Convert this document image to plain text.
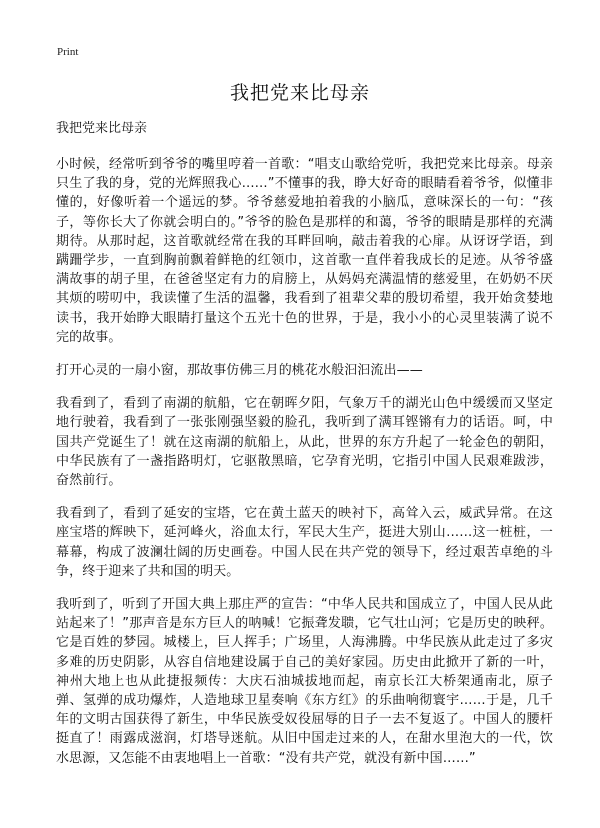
Print
我把党来比母亲

我把党来比母亲

小时候，经常听到爷爷的嘴里哼着一首歌：“唱支山歌给党听，我把党来比母亲。母亲只生了我的身，党的光辉照我心……”不懂事的我，睁大好奇的眼睛看着爷爷，似懂非懂的，好像听着一个遥远的梦。爷爷慈爱地拍着我的小脑瓜，意味深长的一句：“孩子，等你长大了你就会明白的。”爷爷的脸色是那样的和蔼，爷爷的眼睛是那样的充满期待。从那时起，这首歌就经常在我的耳畔回响，敲击着我的心扉。从讶讶学语，到蹒跚学步，一直到胸前飘着鲜艳的红领巾，这首歌一直伴着我成长的足迹。从爷爷盛满故事的胡子里，在爸爸坚定有力的肩膀上，从妈妈充满温情的慈爱里，在奶奶不厌其烦的唠叨中，我读懂了生活的温馨，我看到了祖辈父辈的殷切希望，我开始贪婪地读书，我开始睁大眼睛打量这个五光十色的世界，于是，我小小的心灵里装满了说不完的故事。

打开心灵的一扇小窗，那故事仿佛三月的桃花水般汩汩流出——

我看到了，看到了南湖的航船，它在朝晖夕阳，气象万千的湖光山色中缓缓而又坚定地行驶着，我看到了一张张刚强坚毅的脸孔，我听到了满耳铿锵有力的话语。呵，中国共产党诞生了！就在这南湖的航船上，从此，世界的东方升起了一轮金色的朝阳，中华民族有了一盏指路明灯，它驱散黑暗，它孕育光明，它指引中国人民艰难跋涉，奋然前行。

我看到了，看到了延安的宝塔，它在黄土蓝天的映衬下，高耸入云，威武异常。在这座宝塔的辉映下，延河峰火，浴血太行，军民大生产，挺进大别山……这一桩桩，一幕幕，构成了波澜壮阔的历史画卷。中国人民在共产党的领导下，经过艰苦卓绝的斗争，终于迎来了共和国的明天。

我听到了，听到了开国大典上那庄严的宣告：“中华人民共和国成立了，中国人民从此站起来了！”那声音是东方巨人的呐喊！它振聋发聩，它气壮山河；它是历史的映秤。它是百姓的梦园。城楼上，巨人挥手；广场里，人海沸腾。中华民族从此走过了多灾多难的历史阴影，从容自信地建设属于自己的美好家园。历史由此掀开了新的一叶，神州大地上也从此捷报频传：大庆石油城拔地而起，南京长江大桥架通南北，原子弹、氢弹的成功爆炸，人造地球卫星奏响《东方红》的乐曲响彻寰宇……于是，几千年的文明古国获得了新生，中华民族受奴役屈辱的日子一去不复返了。中国人的腰杆挺直了！雨露成滋润，灯塔导迷航。从旧中国走过来的人，在甜水里泡大的一代，饮水思源，又怎能不由衷地唱上一首歌：“没有共产党，就没有新中国……”
